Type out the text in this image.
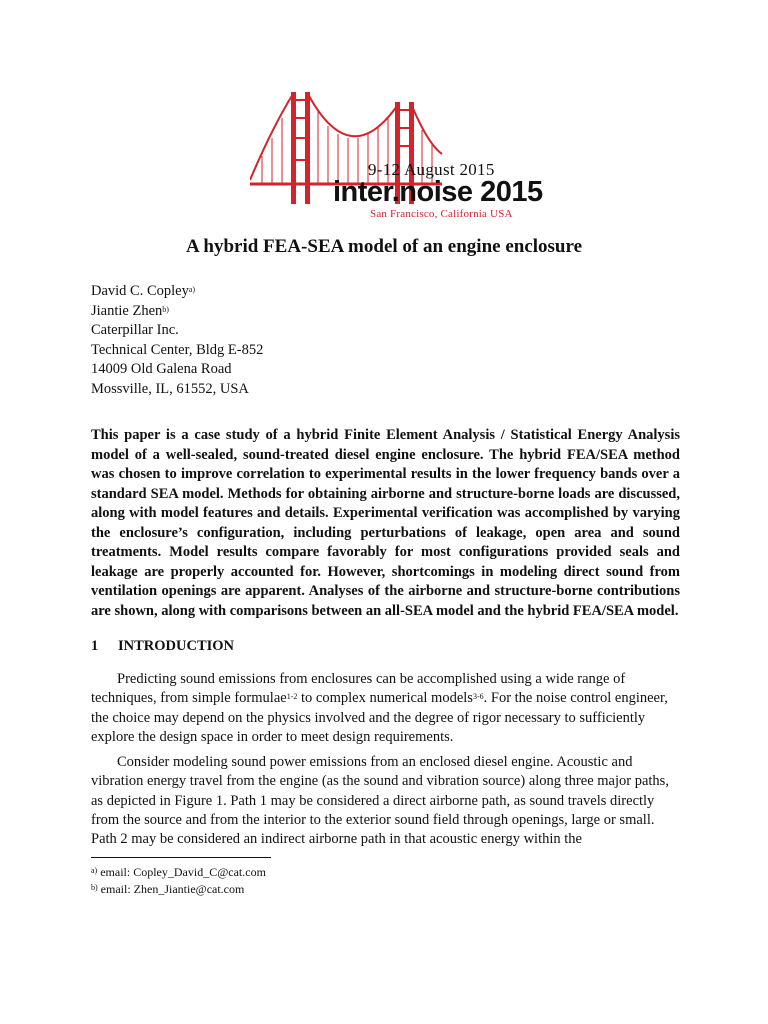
9-12 August 2015
inter.noise 2015
San Francisco, California USA
A hybrid FEA-SEA model of an engine enclosure
David C. Copley$^{a)}$
Jiantie Zhen$^{b)}$
Caterpillar Inc.
Technical Center, Bldg E-852
14009 Old Galena Road
Mossville, IL, 61552, USA
This paper is a case study of a hybrid Finite Element Analysis / Statistical Energy Analysis model of a well-sealed, sound-treated diesel engine enclosure. The hybrid FEA/SEA method was chosen to improve correlation to experimental results in the lower frequency bands over a standard SEA model. Methods for obtaining airborne and structure-borne loads are discussed, along with model features and details. Experimental verification was accomplished by varying the enclosure’s configuration, including perturbations of leakage, open area and sound treatments. Model results compare favorably for most configurations provided seals and leakage are properly accounted for. However, shortcomings in modeling direct sound from ventilation openings are apparent. Analyses of the airborne and structure-borne contributions are shown, along with comparisons between an all-SEA model and the hybrid FEA/SEA model.
1 INTRODUCTION

Predicting sound emissions from enclosures can be accomplished using a wide range of techniques, from simple formulae$^{1-2}$ to complex numerical models$^{3-6}$. For the noise control engineer, the choice may depend on the physics involved and the degree of rigor necessary to sufficiently explore the design space in order to meet design requirements.

Consider modeling sound power emissions from an enclosed diesel engine. Acoustic and vibration energy travel from the engine (as the sound and vibration source) along three major paths, as depicted in Figure 1. Path 1 may be considered a direct airborne path, as sound travels directly from the source and from the interior to the exterior sound field through openings, large or small. Path 2 may be considered an indirect airborne path in that acoustic energy within the

$^{a)}$ email: Copley_David_C@cat.com
$^{b)}$ email: Zhen_Jiantie@cat.com
